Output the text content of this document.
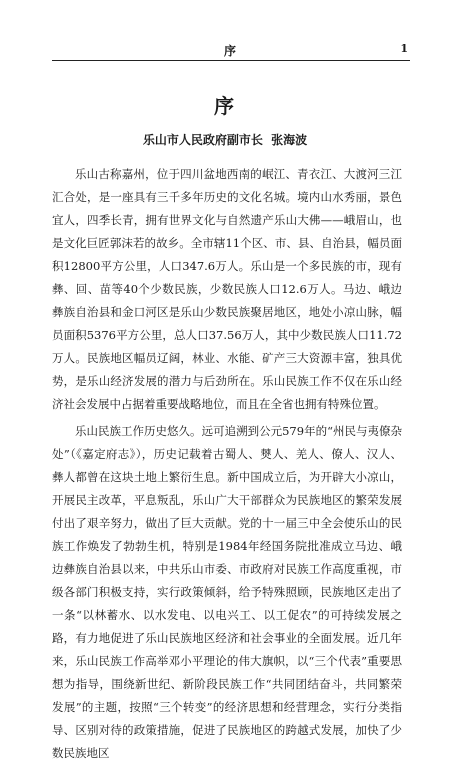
序	1
序
乐山市人民政府副市长 张海波

乐山古称嘉州，位于四川盆地西南的岷江、青衣江、大渡河三江汇合处，是一座具有三千多年历史的文化名城。境内山水秀丽，景色宜人，四季长青，拥有世界文化与自然遗产乐山大佛——峨眉山，也是文化巨匠郭沫若的故乡。全市辖11个区、市、县、自治县，幅员面积12800平方公里，人口347.6万人。乐山是一个多民族的市，现有彝、回、苗等40个少数民族，少数民族人口12.6万人。马边、峨边彝族自治县和金口河区是乐山少数民族聚居地区，地处小凉山脉，幅员面积5376平方公里，总人口37.56万人，其中少数民族人口11.72万人。民族地区幅员辽阔，林业、水能、矿产三大资源丰富，独具优势，是乐山经济发展的潜力与后劲所在。乐山民族工作不仅在乐山经济社会发展中占据着重要战略地位，而且在全省也拥有特殊位置。

乐山民族工作历史悠久。远可追溯到公元579年的“州民与夷僚杂处”（《嘉定府志》），历史记载着古蜀人、僰人、羌人、僚人、汉人、彝人都曾在这块土地上繁衍生息。新中国成立后，为开辟大小凉山，开展民主改革，平息叛乱，乐山广大干部群众为民族地区的繁荣发展付出了艰辛努力，做出了巨大贡献。党的十一届三中全会使乐山的民族工作焕发了勃勃生机，特别是1984年经国务院批准成立马边、峨边彝族自治县以来，中共乐山市委、市政府对民族工作高度重视，市级各部门积极支持，实行政策倾斜，给予特殊照顾，民族地区走出了一条“以林蓄水、以水发电、以电兴工、以工促农”的可持续发展之路，有力地促进了乐山民族地区经济和社会事业的全面发展。近几年来，乐山民族工作高举邓小平理论的伟大旗帜，以“三个代表”重要思想为指导，围绕新世纪、新阶段民族工作“共同团结奋斗，共同繁荣发展”的主题，按照“三个转变”的经济思想和经营理念，实行分类指导、区别对待的政策措施，促进了民族地区的跨越式发展，加快了少数民族地区
